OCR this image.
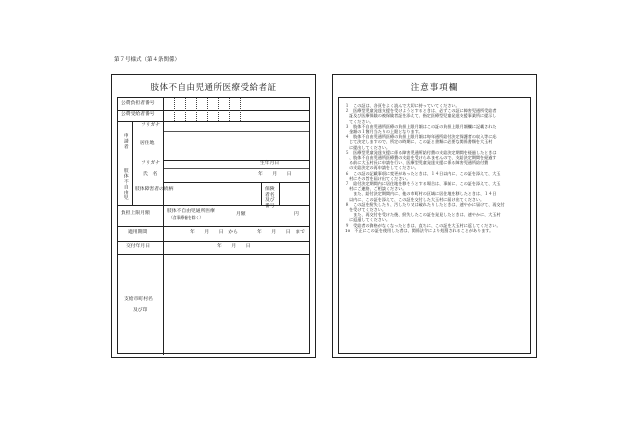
第７号様式（第４条関係）
肢体不自由児通所医療受給者証
公費負担者番号
公費受給者番号
申請者
フリガナ
居住地
肢体不自由児
フリガナ	生年月日
氏　名	年　　月　　日
肢体障害者の続柄	保険者名及び番号
負担上限月額	肢体不自由児通所医療
（食事療養を除く）
月額	円
適用期間	年　　月　　日　から	年　　月　　日　まで
交付年月日	年　　月　　日
支給市町村名
及び印
注意事項欄
１　この証は、各頁をよく読んで大切に持っていてください。
２　医療型児童発達支援を受けようとするときは、必ずこの証に障害児通所受給者
　証及び医療保険の被保険者証を添えて、指定医療型児童発達支援事業所に提示し
　てください。
３　肢体不自由児通所医療の負担上限月額はこの証の負担上限月額欄に記載された
　金額の１箇月当たりの上限となります。
４　肢体不自由児通所医療の負担上限月額は毎年通所給付決定保護者の収入等に応
　じて決定しますので、所定の時期に、この証と書類に必要な関係書類を大玉村
　に提出してください。
５　医療型児童発達支援に係る障害児通所給付費の支給決定期間を経過したときは
　、肢体不自由児通所医療費の支給を受けられませんので、支給決定期間を経過す
　る前に大玉村長に申請を行い、医療型児童発達支援に係る障害児通所給付費
　の支給決定の再申請をしてください。
６　この証の記載事項に変更があったときは、１４日以内に、この証を添えて、大玉
　村にその旨を届け出てください。
７　給付決定期間内に居住地を移そうとする場合は、事前に、この証を添えて、大玉
　村にご連絡、ご相談ください。
　　また、給付決定期間内に、他の市町村の区域に居住地を移したときは、１４日
　以内に、この証を添えて、この証を交付した大玉村に届け出てください。
８　この証を紛失したり、汚したり又は破れたりしたときは、速やかに届けて、再交付
　を受けてください。
　　また、再交付を受けた後、紛失したこの証を発見したときは、速やかに、大玉村
　に返還してください。
９　受給者の資格がなくなったときは、直ちに、この証を大玉村に返してください。
10　不正にこの証を使用した者は、関係法令により処罰されることがあります。
